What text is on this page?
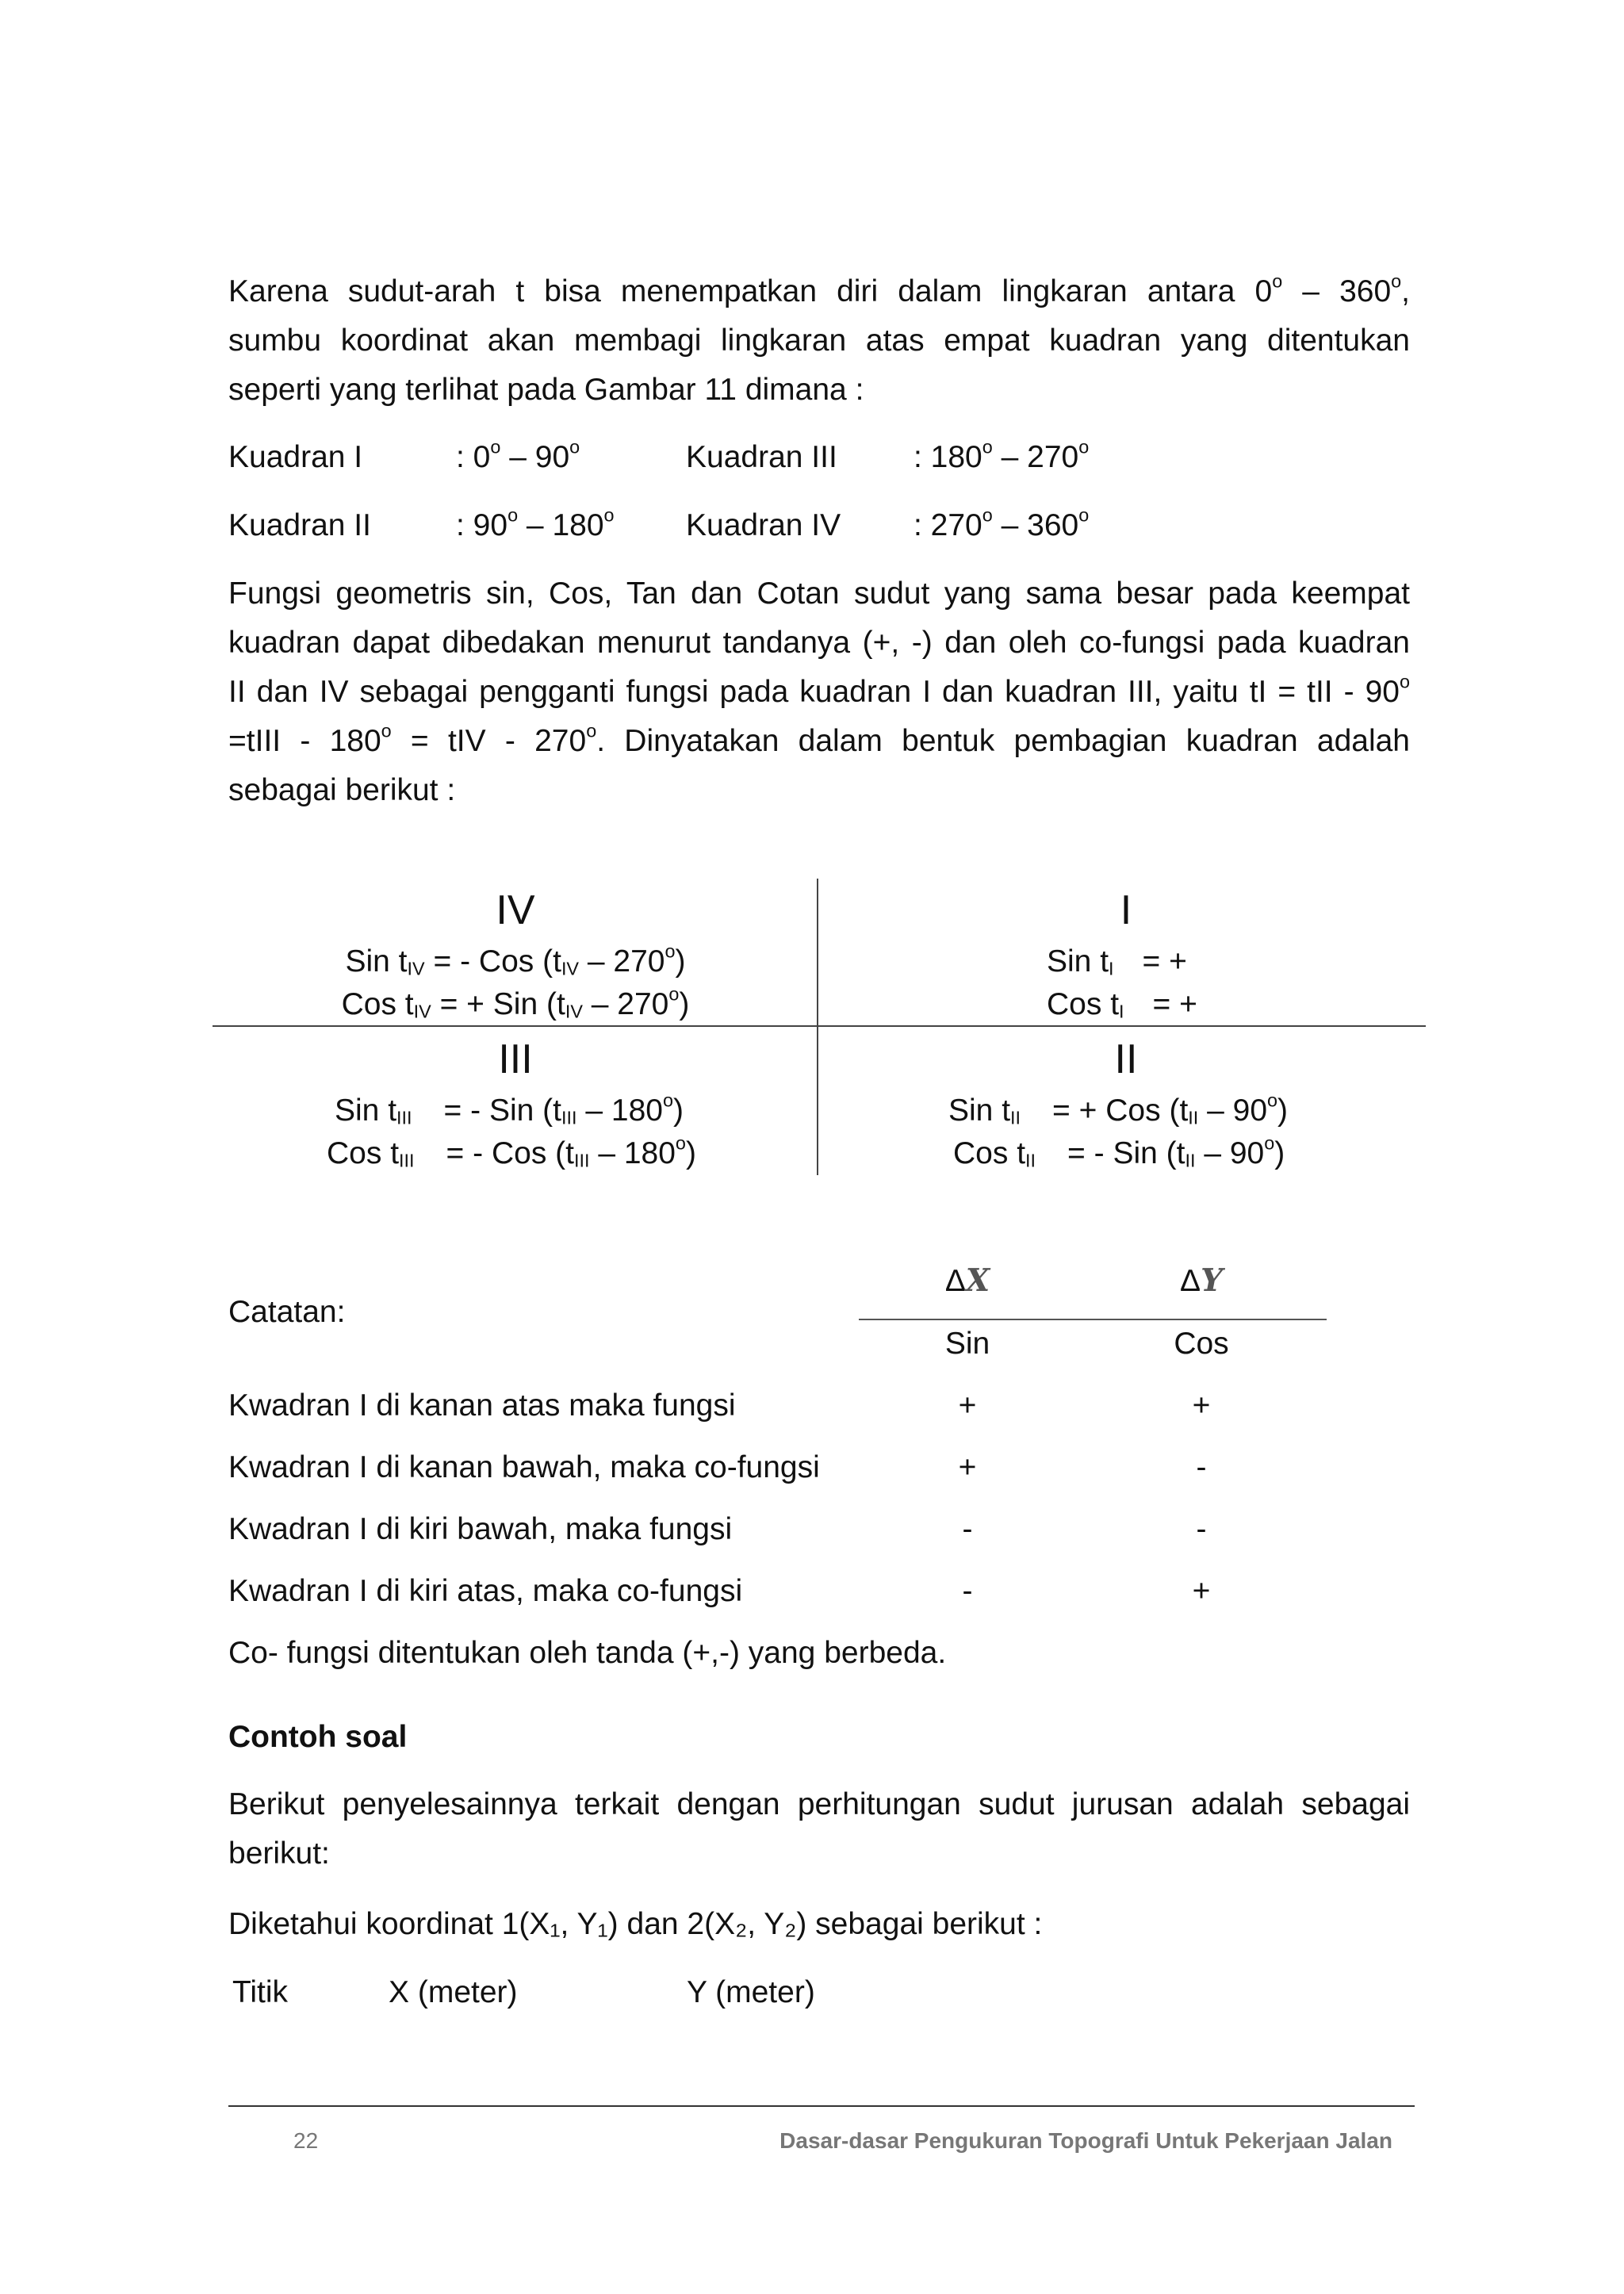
Karena sudut-arah t bisa menempatkan diri dalam lingkaran antara 0$^o$ – 360$^o$,
sumbu koordinat akan membagi lingkaran atas empat kuadran yang ditentukan
seperti yang terlihat pada Gambar 11 dimana :
Kuadran I	: 0$^o$ – 90$^o$	Kuadran III : 180$^o$ – 270$^o$
Kuadran II	: 90$^o$ – 180$^o$ Kuadran IV : 270$^o$ – 360$^o$
Fungsi geometris sin, Cos, Tan dan Cotan sudut yang sama besar pada keempat
kuadran dapat dibedakan menurut tandanya (+, -) dan oleh co-fungsi pada kuadran
II dan IV sebagai pengganti fungsi pada kuadran I dan kuadran III, yaitu tI = tII - $90^o$
=tIII - $180^o$ = tIV - 270$^o$. Dinyatakan dalam bentuk pembagian kuadran adalah
sebagai berikut :
IV
Sin $t_{IV}$ = - Cos $(t_{IV} - 270^o)$
Cos $t_{IV}$ = + Sin $(t_{IV} - 270^o)$
I
Sin $t_I$ = +
Cos $t_I$ = +
III
Sin $t_{III}$ = - Sin $(t_{III} - 180^o)$
Cos $t_{III}$ = - Cos $(t_{III} - 180^o)$
II
Sin $t_{II}$ = + Cos $(t_{II} - 90^o)$
Cos $t_{II}$ = - Sin $(t_{II} - 90^o)$
ΔX	ΔY
Catatan:
Sin	Cos
Kwadran I di kanan atas maka fungsi	+	+
Kwadran I di kanan bawah, maka co-fungsi	+	-
Kwadran I di kiri bawah, maka fungsi	-	-
Kwadran I di kiri atas, maka co-fungsi	-	+
Co- fungsi ditentukan oleh tanda (+,-) yang berbeda.
Contoh soal
Berikut penyelesainnya terkait dengan perhitungan sudut jurusan adalah sebagai
berikut:
Diketahui koordinat 1(X₁, Y₁) dan 2(X₂, Y₂) sebagai berikut :
Titik	X (meter)	Y (meter)
22	Dasar-dasar Pengukuran Topografi Untuk Pekerjaan Jalan
